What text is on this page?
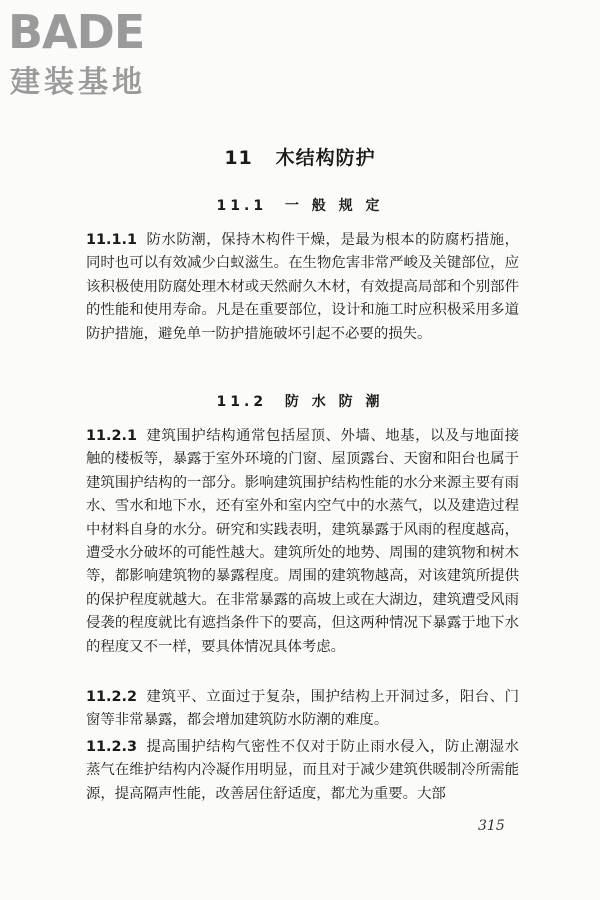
BADE
建装基地
11 木结构防护
11.1 一 般 规 定

11.1.1 防水防潮，保持木构件干燥，是最为根本的防腐朽措施，同时也可以有效减少白蚁滋生。在生物危害非常严峻及关键部位，应该积极使用防腐处理木材或天然耐久木材，有效提高局部和个别部件的性能和使用寿命。凡是在重要部位，设计和施工时应积极采用多道防护措施，避免单一防护措施破坏引起不必要的损失。

11.2 防 水 防 潮

11.2.1 建筑围护结构通常包括屋顶、外墙、地基，以及与地面接触的楼板等，暴露于室外环境的门窗、屋顶露台、天窗和阳台也属于建筑围护结构的一部分。影响建筑围护结构性能的水分来源主要有雨水、雪水和地下水，还有室外和室内空气中的水蒸气，以及建造过程中材料自身的水分。研究和实践表明，建筑暴露于风雨的程度越高，遭受水分破坏的可能性越大。建筑所处的地势、周围的建筑物和树木等，都影响建筑物的暴露程度。周围的建筑物越高，对该建筑所提供的保护程度就越大。在非常暴露的高坡上或在大湖边，建筑遭受风雨侵袭的程度就比有遮挡条件下的要高，但这两种情况下暴露于地下水的程度又不一样，要具体情况具体考虑。

11.2.2 建筑平、立面过于复杂，围护结构上开洞过多，阳台、门窗等非常暴露，都会增加建筑防水防潮的难度。

11.2.3 提高围护结构气密性不仅对于防止雨水侵入，防止潮湿水蒸气在维护结构内冷凝作用明显，而且对于减少建筑供暖制冷所需能源，提高隔声性能，改善居住舒适度，都尤为重要。大部

315
